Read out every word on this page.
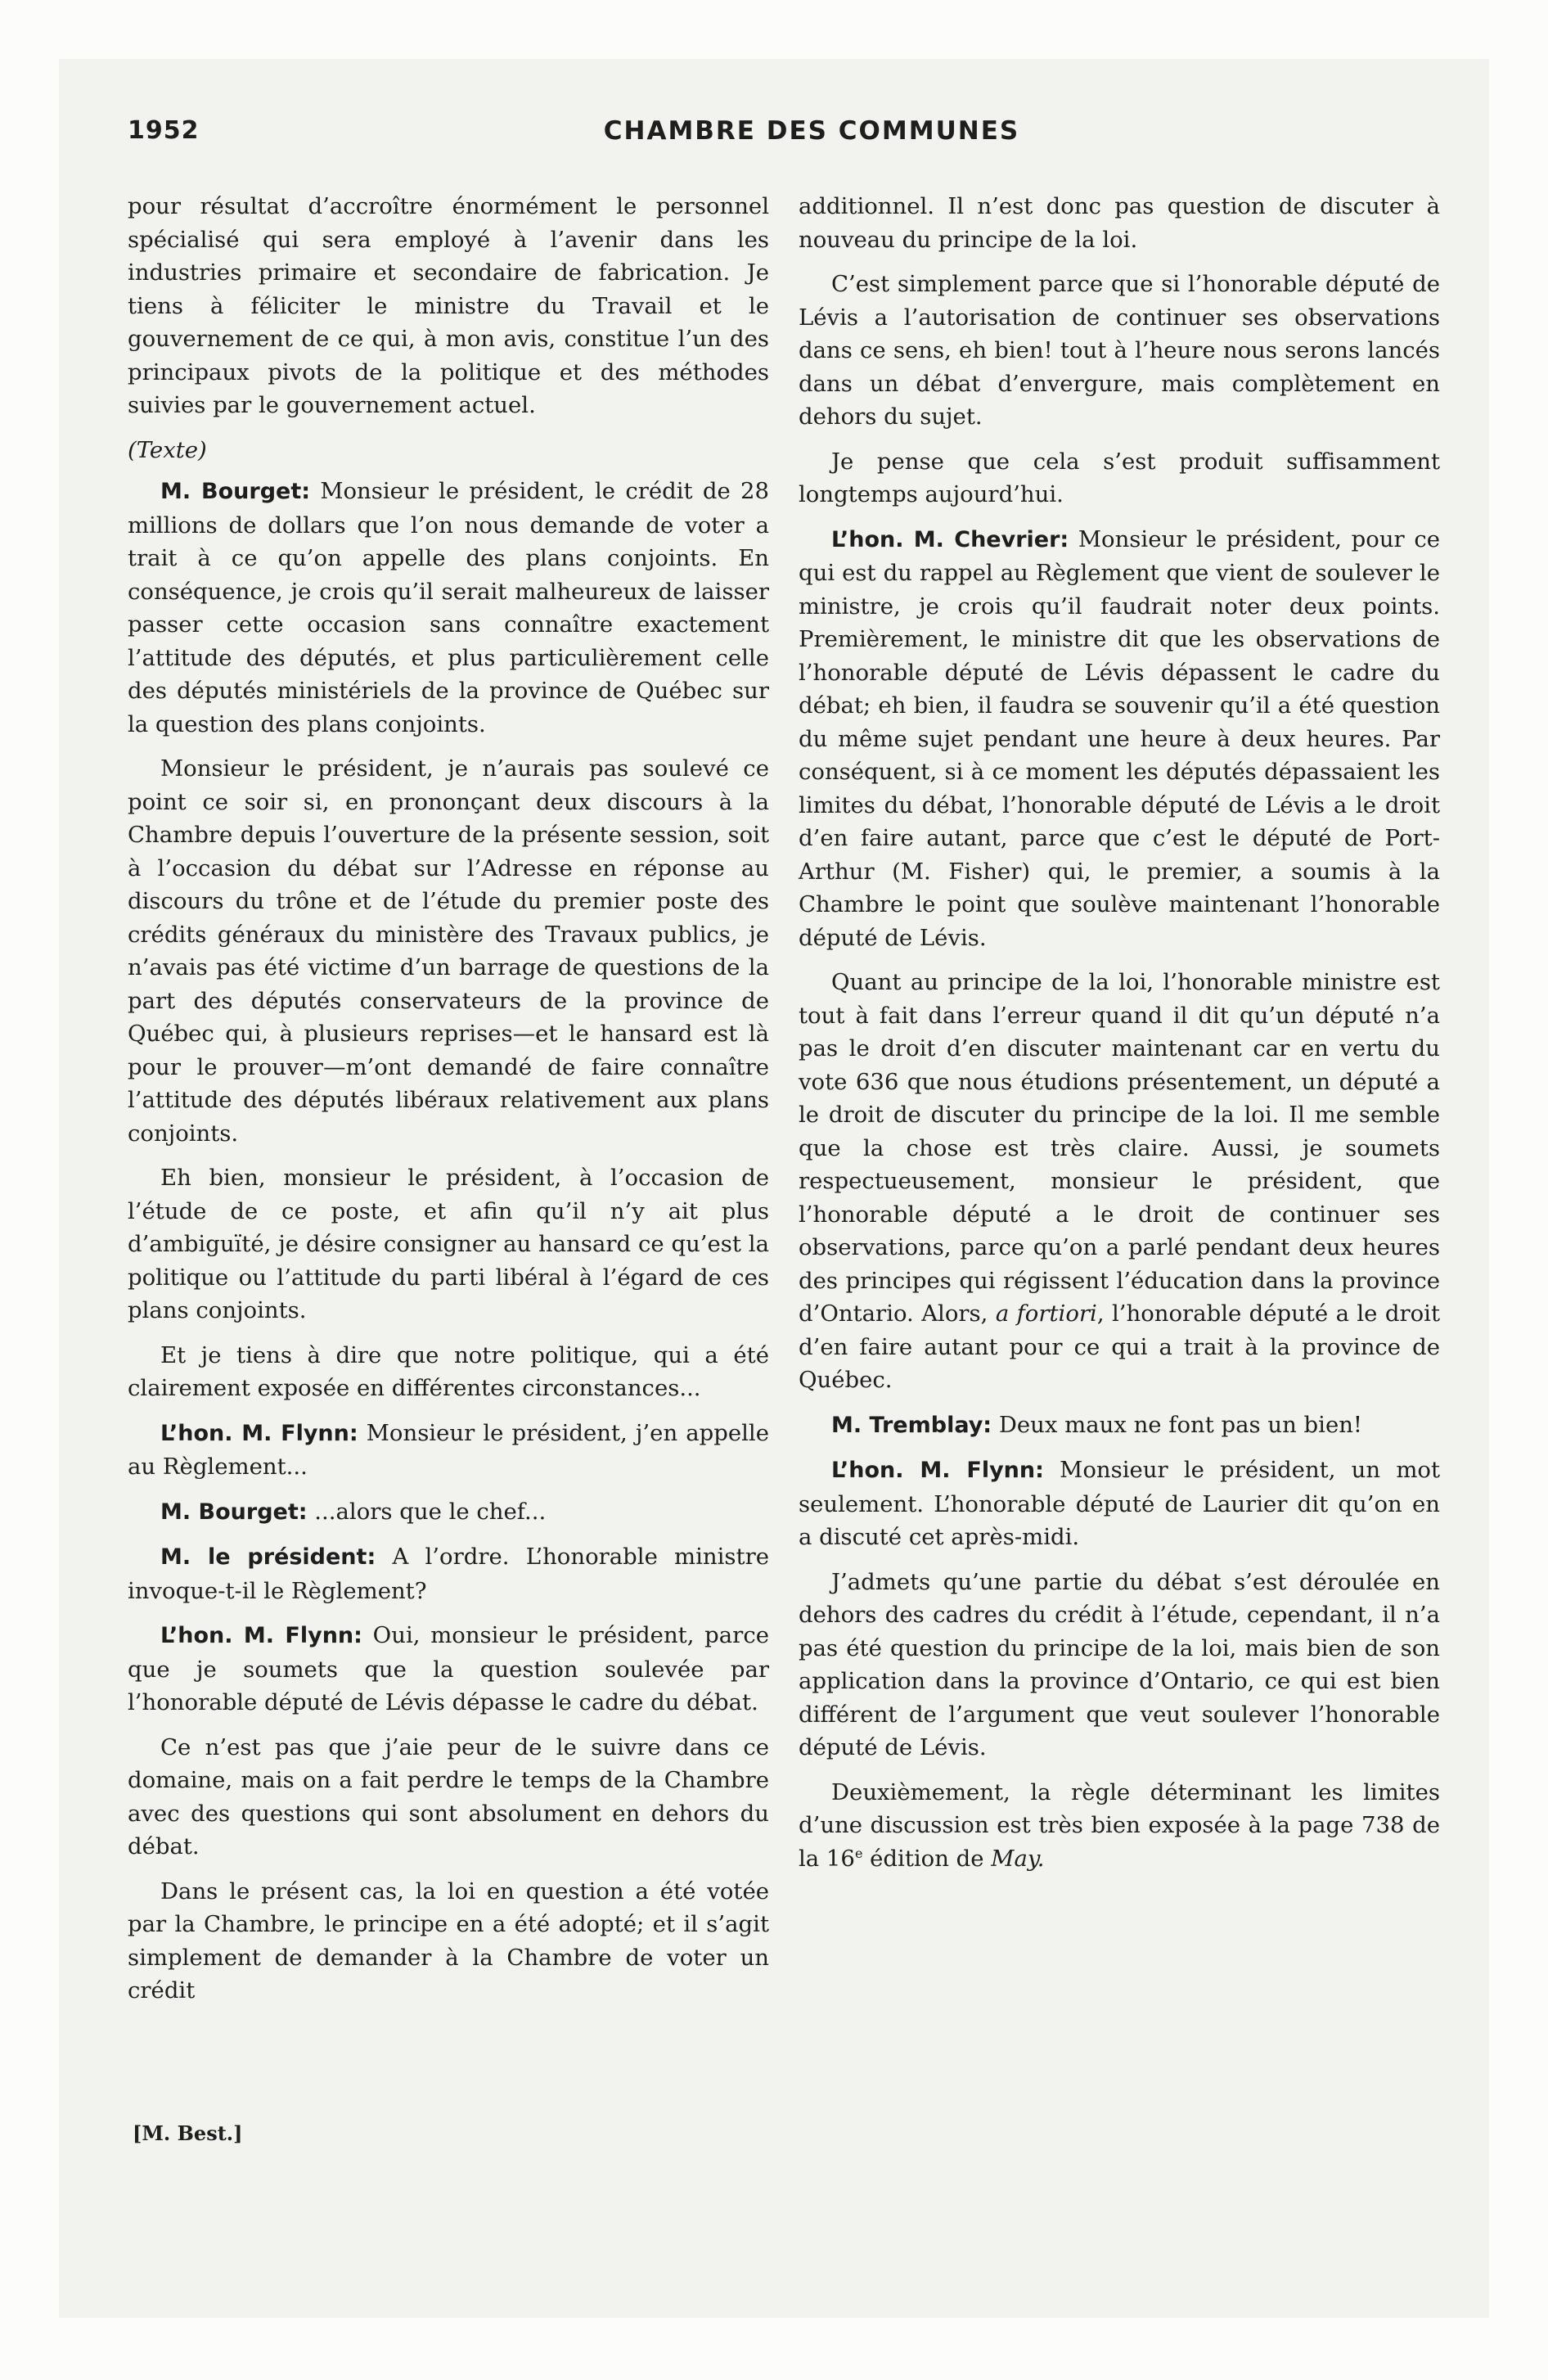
1952	CHAMBRE DES COMMUNES

pour résultat d’accroître énormément le personnel spécialisé qui sera employé à l’avenir dans les industries primaire et secondaire de fabrication. Je tiens à féliciter le ministre du Travail et le gouvernement de ce qui, à mon avis, constitue l’un des principaux pivots de la politique et des méthodes suivies par le gouvernement actuel.

(Texte)

M. Bourget: Monsieur le président, le crédit de 28 millions de dollars que l’on nous demande de voter a trait à ce qu’on appelle des plans conjoints. En conséquence, je crois qu’il serait malheureux de laisser passer cette occasion sans connaître exactement l’attitude des députés, et plus particulièrement celle des députés ministériels de la province de Québec sur la question des plans conjoints.

Monsieur le président, je n’aurais pas soulevé ce point ce soir si, en prononçant deux discours à la Chambre depuis l’ouverture de la présente session, soit à l’occasion du débat sur l’Adresse en réponse au discours du trône et de l’étude du premier poste des crédits généraux du ministère des Travaux publics, je n’avais pas été victime d’un barrage de questions de la part des députés conservateurs de la province de Québec qui, à plusieurs reprises—et le hansard est là pour le prouver—m’ont demandé de faire connaître l’attitude des députés libéraux relativement aux plans conjoints.

Eh bien, monsieur le président, à l’occasion de l’étude de ce poste, et afin qu’il n’y ait plus d’ambiguïté, je désire consigner au hansard ce qu’est la politique ou l’attitude du parti libéral à l’égard de ces plans conjoints.

Et je tiens à dire que notre politique, qui a été clairement exposée en différentes circonstances...

L’hon. M. Flynn: Monsieur le président, j’en appelle au Règlement...

M. Bourget: ...alors que le chef...

M. le président: A l’ordre. L’honorable ministre invoque-t-il le Règlement?

L’hon. M. Flynn: Oui, monsieur le président, parce que je soumets que la question soulevée par l’honorable député de Lévis dépasse le cadre du débat.

Ce n’est pas que j’aie peur de le suivre dans ce domaine, mais on a fait perdre le temps de la Chambre avec des questions qui sont absolument en dehors du débat.

Dans le présent cas, la loi en question a été votée par la Chambre, le principe en a été adopté; et il s’agit simplement de demander à la Chambre de voter un crédit

[M. Best.]

additionnel. Il n’est donc pas question de discuter à nouveau du principe de la loi.

C’est simplement parce que si l’honorable député de Lévis a l’autorisation de continuer ses observations dans ce sens, eh bien! tout à l’heure nous serons lancés dans un débat d’envergure, mais complètement en dehors du sujet.

Je pense que cela s’est produit suffisamment longtemps aujourd’hui.

L’hon. M. Chevrier: Monsieur le président, pour ce qui est du rappel au Règlement que vient de soulever le ministre, je crois qu’il faudrait noter deux points. Premièrement, le ministre dit que les observations de l’honorable député de Lévis dépassent le cadre du débat; eh bien, il faudra se souvenir qu’il a été question du même sujet pendant une heure à deux heures. Par conséquent, si à ce moment les députés dépassaient les limites du débat, l’honorable député de Lévis a le droit d’en faire autant, parce que c’est le député de Port-Arthur (M. Fisher) qui, le premier, a soumis à la Chambre le point que soulève maintenant l’honorable député de Lévis.

Quant au principe de la loi, l’honorable ministre est tout à fait dans l’erreur quand il dit qu’un député n’a pas le droit d’en discuter maintenant car en vertu du vote 636 que nous étudions présentement, un député a le droit de discuter du principe de la loi. Il me semble que la chose est très claire. Aussi, je soumets respectueusement, monsieur le président, que l’honorable député a le droit de continuer ses observations, parce qu’on a parlé pendant deux heures des principes qui régissent l’éducation dans la province d’Ontario. Alors, a fortiori, l’honorable député a le droit d’en faire autant pour ce qui a trait à la province de Québec.

M. Tremblay: Deux maux ne font pas un bien!

L’hon. M. Flynn: Monsieur le président, un mot seulement. L’honorable député de Laurier dit qu’on en a discuté cet après-midi.

J’admets qu’une partie du débat s’est déroulée en dehors des cadres du crédit à l’étude, cependant, il n’a pas été question du principe de la loi, mais bien de son application dans la province d’Ontario, ce qui est bien différent de l’argument que veut soulever l’honorable député de Lévis.

Deuxièmement, la règle déterminant les limites d’une discussion est très bien exposée à la page 738 de la 16e édition de May.
